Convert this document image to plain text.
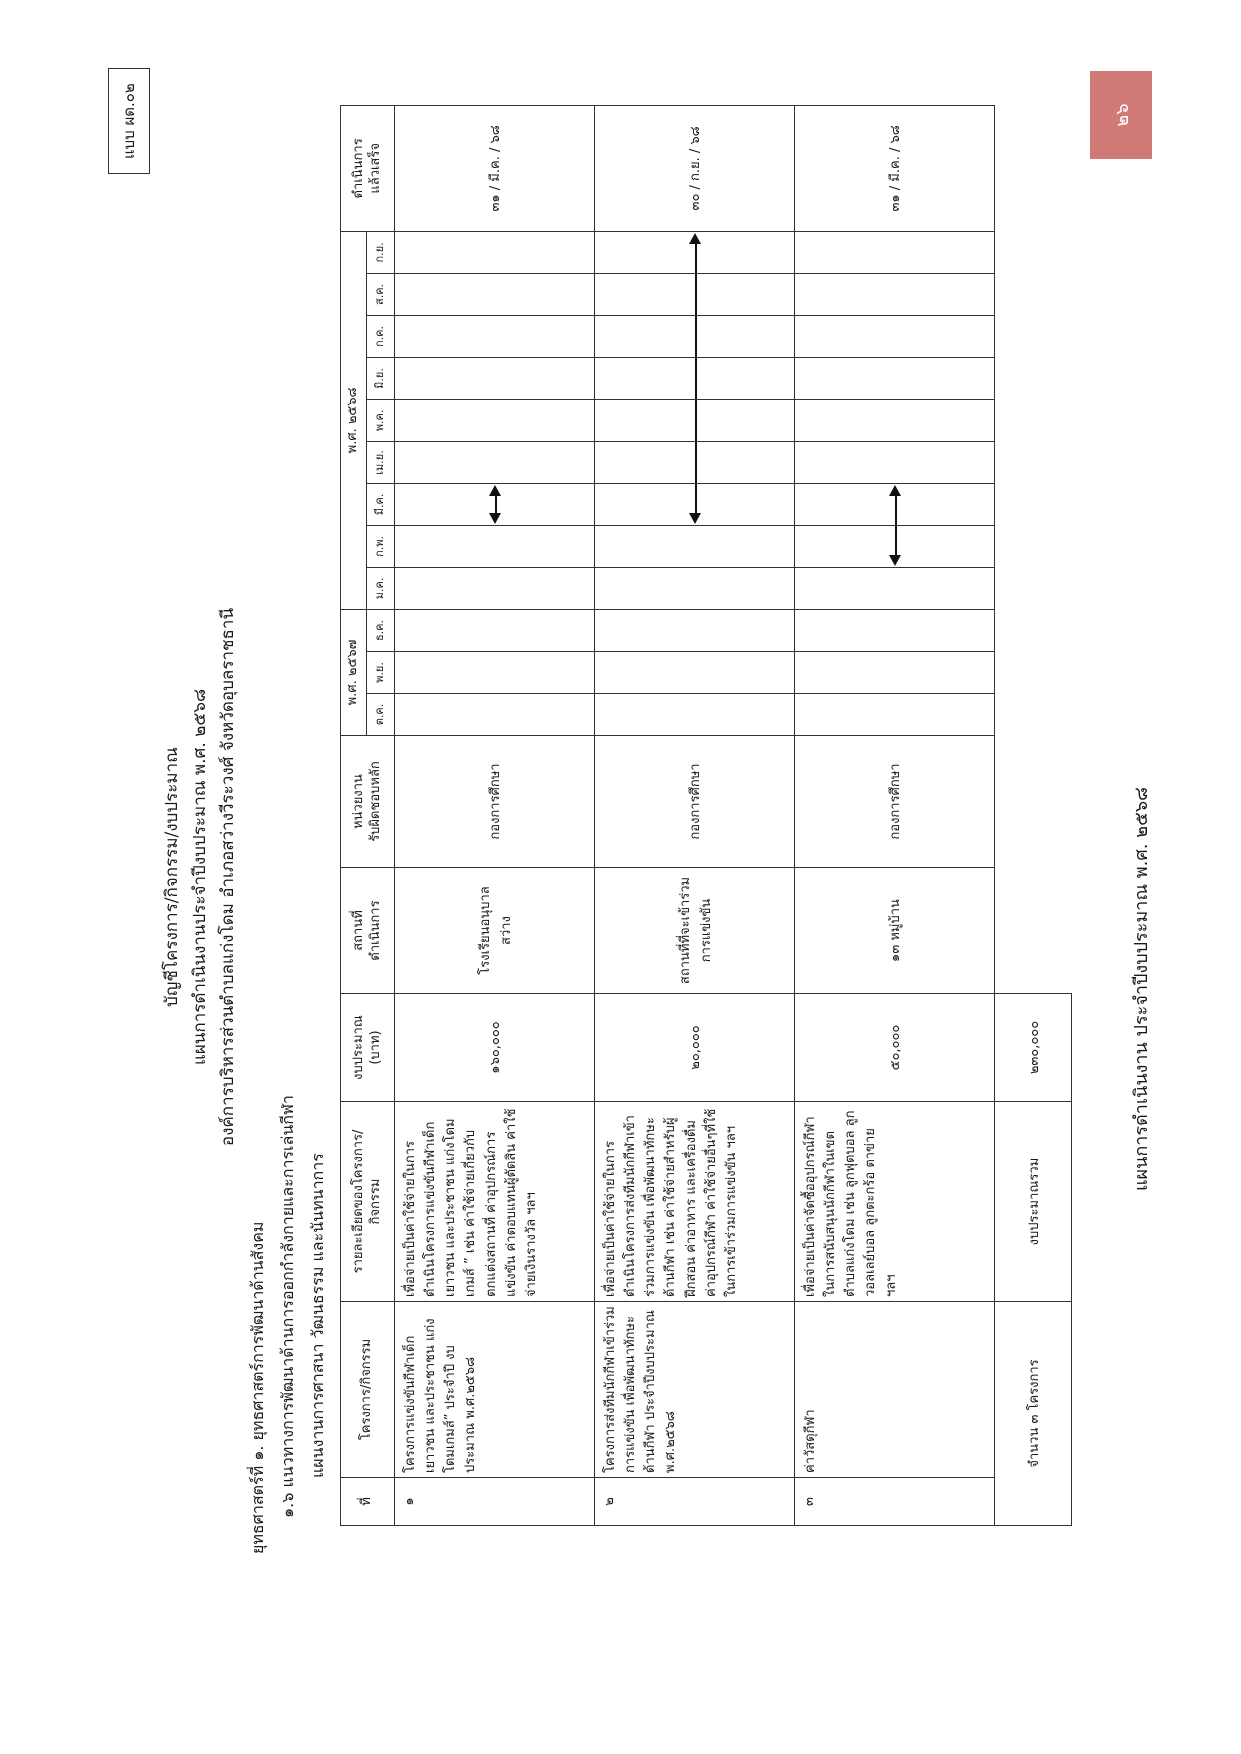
แบบ ผด.๐๒
บัญชีโครงการ/กิจกรรม/งบประมาณ แผนการดำเนินงานประจำปีงบประมาณ พ.ศ. ๒๕๖๘ องค์การบริหารส่วนตำบลแก่งโดม อำเภอสว่างวีระวงศ์ จังหวัดอุบลราชธานี
ยุทธศาสตร์ที่ ๑. ยุทธศาสตร์การพัฒนาด้านสังคม ๑.๖ แนวทางการพัฒนาด้านการออกกำลังกายและการเล่นกีฬา แผนงานการศาสนา วัฒนธรรม และนันทนาการ
ที่	โครงการ/กิจกรรม	รายละเอียดของโครงการ/ กิจกรรม	งบประมาณ (บาท)	สถานที่ ดำเนินการ	หน่วยงาน รับผิดชอบหลัก	พ.ศ. ๒๕๖๗			พ.ศ. ๒๕๖๘									ดำเนินการ แล้วเสร็จ
						ต.ค.	พ.ย.	ธ.ค.	ม.ค.	ก.พ.	มี.ค.	เม.ย.	พ.ค.	มิ.ย.	ก.ค.	ส.ค.	ก.ย.	
๑	โครงการแข่งขันกีฬาเด็ก เยาวชน และประชาชน แก่งโดมเกมส์” ประจำปี งบประมาณ พ.ศ.๒๕๖๘	เพื่อจ่ายเป็นค่าใช้จ่ายในการดำเนินโครงการแข่งขันกีฬาเด็ก เยาวชน และประชาชน แก่งโดมเกมส์ ” เช่น ค่าใช้จ่ายเกี่ยวกับตกแต่งสถานที่ ค่าอุปกรณ์การแข่งขัน ค่าตอบแทนผู้ตัดสิน ค่าใช้จ่ายเงินรางวัล ฯลฯ	๑๖๐,๐๐๐	โรงเรียนอนุบาลสว่าง	กองการศึกษา													๓๑ / มี.ค. / ๖๘
๒	โครงการส่งทีมนักกีฬาเข้าร่วมการแข่งขัน เพื่อพัฒนาทักษะด้านกีฬา ประจำปีงบประมาณ พ.ศ.๒๕๖๘	เพื่อจ่ายเป็นค่าใช้จ่ายในการดำเนินโครงการส่งทีมนักกีฬาเข้าร่วมการแข่งขัน เพื่อพัฒนาทักษะด้านกีฬา เช่น ค่าใช้จ่ายสำหรับผู้ฝึกสอน ค่าอาหาร และเครื่องดื่ม ค่าอุปกรณ์กีฬา ค่าใช้จ่ายอื่นๆที่ใช้ในการเข้าร่วมการแข่งขัน ฯลฯ	๒๐,๐๐๐	สถานที่ที่จะเข้าร่วมการแข่งขัน	กองการศึกษา													๓๐ / ก.ย. / ๖๘
๓	ค่าวัสดุกีฬา	เพื่อจ่ายเป็นค่าจัดซื้ออุปกรณ์กีฬาในการสนับสนุนนักกีฬาในเขตตำบลแก่งโดม เช่น ลูกฟุตบอล ลูกวอลเลย์บอล ลูกตะกร้อ ตาข่าย ฯลฯ	๕๐,๐๐๐	๑๓ หมู่บ้าน	กองการศึกษา													๓๑ / มี.ค. / ๖๘
จำนวน ๓ โครงการ		งบประมาณรวม	๒๓๐,๐๐๐																แผนการดำเนินงาน ประจำปีงบประมาณ พ.ศ. ๒๕๖๘
๒๖
